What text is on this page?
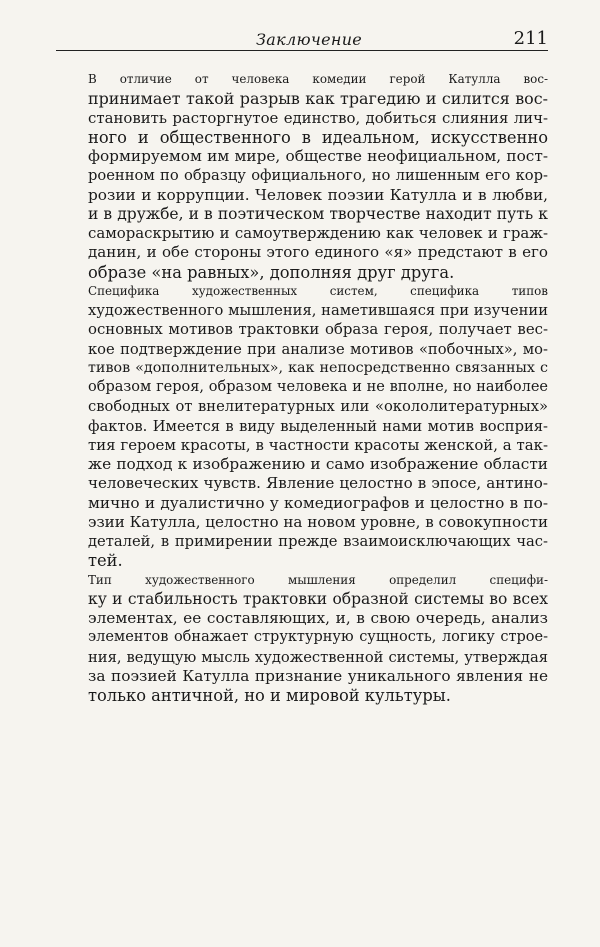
Заключение	211

В отличие от человека комедии герой Катулла вос-
принимает такой разрыв как трагедию и силится вос-
становить расторгнутое единство, добиться слияния лич-
ного и общественного в идеальном, искусственно
формируемом им мире, обществе неофициальном, пост-
роенном по образцу официального, но лишенным его кор-
розии и коррупции. Человек поэзии Катулла и в любви,
и в дружбе, и в поэтическом творчестве находит путь к
самораскрытию и самоутверждению как человек и граж-
данин, и обе стороны этого единого «я» предстают в его
образе «на равных», дополняя друг друга.

Специфика художественных систем, специфика типов
художественного мышления, наметившаяся при изучении
основных мотивов трактовки образа героя, получает вес-
кое подтверждение при анализе мотивов «побочных», мо-
тивов «дополнительных», как непосредственно связанных с
образом героя, образом человека и не вполне, но наиболее
свободных от внелитературных или «окололитературных»
фактов. Имеется в виду выделенный нами мотив восприя-
тия героем красоты, в частности красоты женской, а так-
же подход к изображению и само изображение области
человеческих чувств. Явление целостно в эпосе, антино-
мично и дуалистично у комедиографов и целостно в по-
эзии Катулла, целостно на новом уровне, в совокупности
деталей, в примирении прежде взаимоисключающих час-
тей.

Тип художественного мышления определил специфи-
ку и стабильность трактовки образной системы во всех
элементах, ее составляющих, и, в свою очередь, анализ
элементов обнажает структурную сущность, логику строе-
ния, ведущую мысль художественной системы, утверждая
за поэзией Катулла признание уникального явления не
только античной, но и мировой культуры.
